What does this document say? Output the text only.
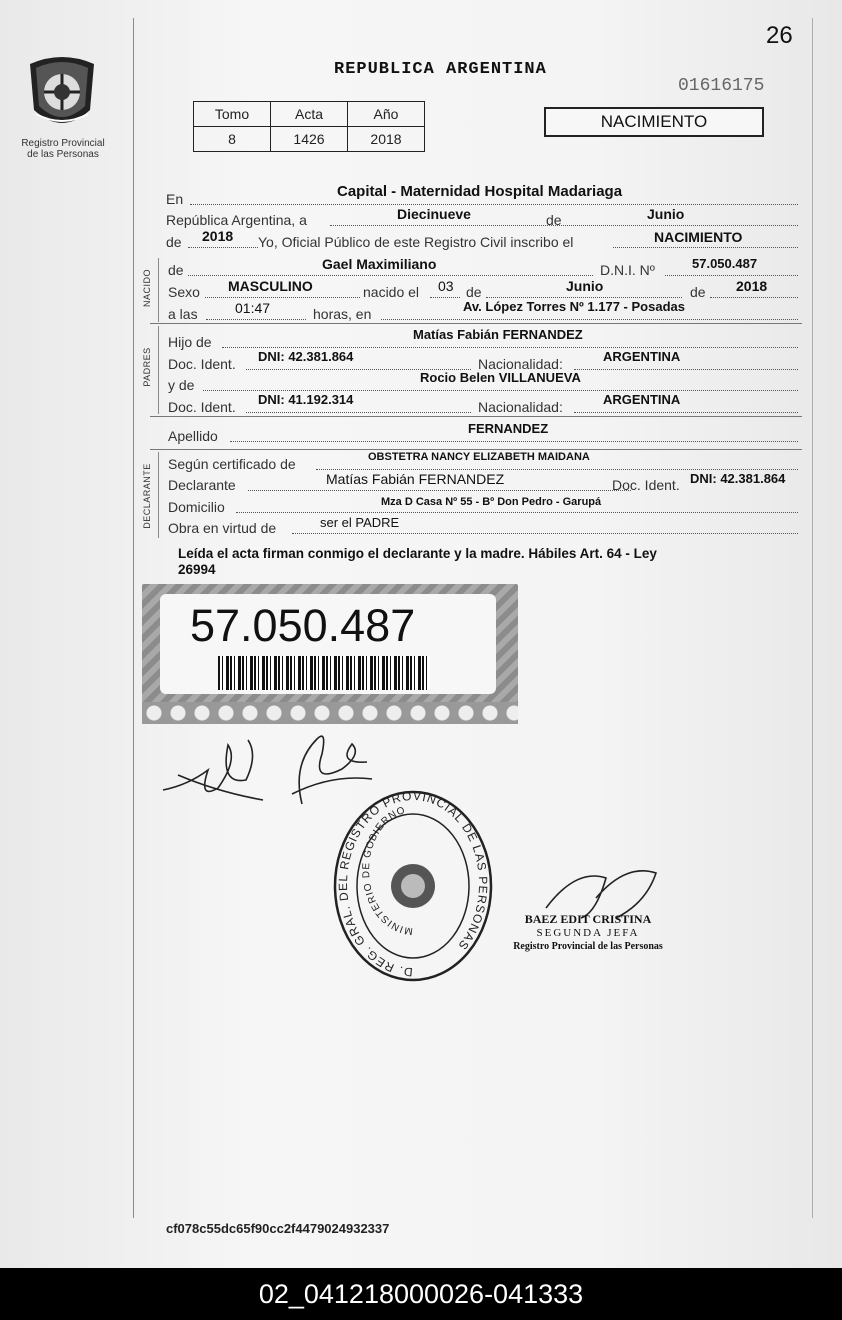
26
Registro Provincial
de las Personas
REPUBLICA ARGENTINA
01616175
NACIMIENTO
Tomo	Acta	Año
8	1426	2018
En	Capital - Maternidad Hospital Madariaga
República Argentina, a	Diecinueve	de	Junio
de 2018 Yo, Oficial Público de este Registro Civil inscribo el	NACIMIENTO
NACIDO de	Gael Maximiliano	D.N.I. Nº	57.050.487
Sexo MASCULINO	nacido el 03 de	Junio	de 2018
a las	01:47	horas, en	Av. López Torres Nº 1.177 - Posadas
PADRES
Hijo de	Matías Fabián FERNANDEZ
Doc. Ident. DNI: 42.381.864	Nacionalidad:	ARGENTINA
y de	Rocio Belen VILLANUEVA
Doc. Ident. DNI: 41.192.314	Nacionalidad:	ARGENTINA
Apellido	FERNANDEZ
DECLARANTE Según certificado de	OBSTETRA NANCY ELIZABETH MAIDANA
Declarante	Matías Fabián FERNANDEZ	Doc. Ident. DNI: 42.381.864
Domicilio	Mza D Casa Nº 55 - Bº Don Pedro - Garupá
Obra en virtud de	ser el PADRE
Leída el acta firman conmigo el declarante y la madre. Hábiles Art. 64 - Ley
26994
57.050.487
D. REG. GRAL. DEL REGISTRO PROVINCIAL DE LAS PERSONAS
MINISTERIO DE GOBIERNO
BAEZ EDIT CRISTINA
SEGUNDA JEFA
Registro Provincial de las Personas
cf078c55dc65f90cc2f4479024932337
02_041218000026-041333
